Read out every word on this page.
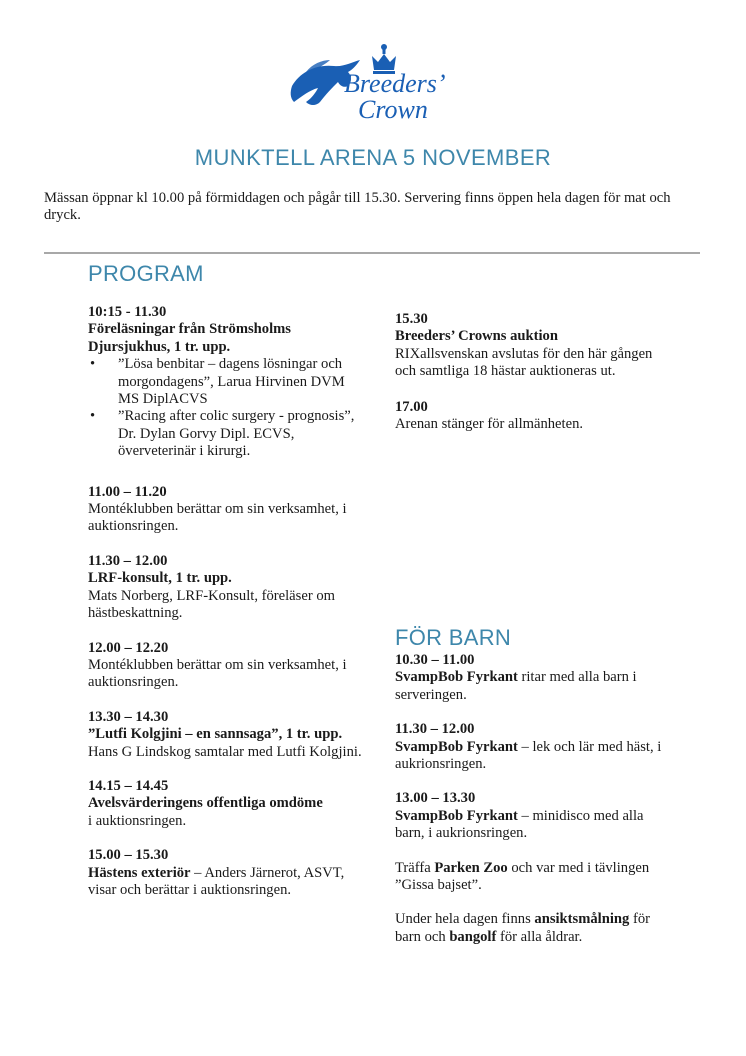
Breeders’
Crown
MUNKTELL ARENA 5 NOVEMBER
Mässan öppnar kl 10.00 på förmiddagen och pågår till 15.30. Servering finns öppen hela dagen för mat och dryck.
PROGRAM
10:15 - 11.30
Föreläsningar från Strömsholms Djursjukhus, 1 tr. upp.
• ”Lösa benbitar – dagens lösningar och morgondagens”, Larua Hirvinen DVM MS DiplACVS
• ”Racing after colic surgery - prognosis”, Dr. Dylan Gorvy Dipl. ECVS, överveterinär i kirurgi.
11.00 – 11.20
Montéklubben berättar om sin verksamhet, i auktionsringen.
11.30 – 12.00
LRF-konsult, 1 tr. upp.
Mats Norberg, LRF-Konsult, föreläser om hästbeskattning.
12.00 – 12.20
Montéklubben berättar om sin verksamhet, i auktionsringen.
13.30 – 14.30
”Lutfi Kolgjini – en sannsaga”, 1 tr. upp.
Hans G Lindskog samtalar med Lutfi Kolgjini.
14.15 – 14.45
Avelsvärderingens offentliga omdöme
i auktionsringen.
15.00 – 15.30

Hästens exteriör – Anders Järnerot, ASVT, visar och berättar i auktionsringen.

15.30
Breeders’ Crowns auktion
RIXallsvenskan avslutas för den här gången och samtliga 18 hästar auktioneras ut.
17.00
Arenan stänger för allmänheten.
FÖR BARN
10.30 – 11.00

SvampBob Fyrkant ritar med alla barn i serveringen.

11.30 – 12.00

SvampBob Fyrkant – lek och lär med häst, i aukrionsringen.

13.00 – 13.30

SvampBob Fyrkant – minidisco med alla barn, i aukrionsringen.

Träffa Parken Zoo och var med i tävlingen ”Gissa bajset”.

Under hela dagen finns ansiktsmålning för barn och bangolf för alla åldrar.
